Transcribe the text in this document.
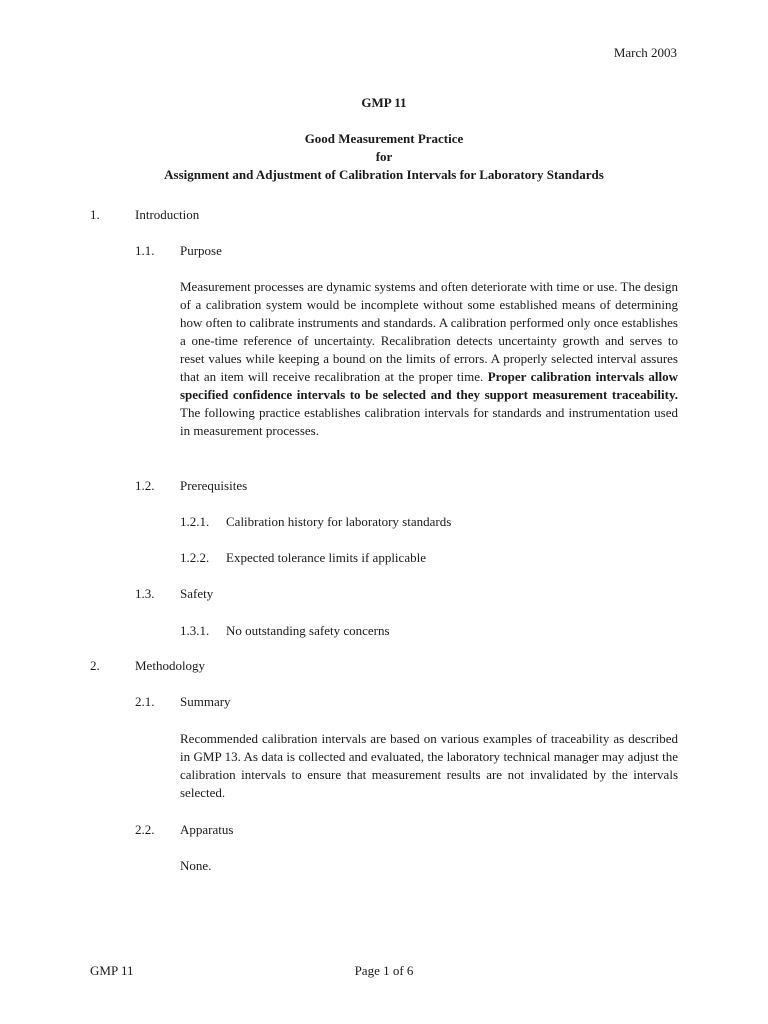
March 2003
GMP 11
Good Measurement Practice
for
Assignment and Adjustment of Calibration Intervals for Laboratory Standards
1.	Introduction
1.1.	Purpose
Measurement processes are dynamic systems and often deteriorate with time or use. The design of a calibration system would be incomplete without some established means of determining how often to calibrate instruments and standards. A calibration performed only once establishes a one-time reference of uncertainty. Recalibration detects uncertainty growth and serves to reset values while keeping a bound on the limits of errors. A properly selected interval assures that an item will receive recalibration at the proper time. Proper calibration intervals allow specified confidence intervals to be selected and they support measurement traceability. The following practice establishes calibration intervals for standards and instrumentation used in measurement processes.
1.2.	Prerequisites
1.2.1.	Calibration history for laboratory standards
1.2.2.	Expected tolerance limits if applicable
1.3.	Safety
1.3.1.	No outstanding safety concerns
2.	Methodology
2.1.	Summary
Recommended calibration intervals are based on various examples of traceability as described in GMP 13. As data is collected and evaluated, the laboratory technical manager may adjust the calibration intervals to ensure that measurement results are not invalidated by the intervals selected.
2.2.	Apparatus
None.
GMP 11	Page 1 of 6
